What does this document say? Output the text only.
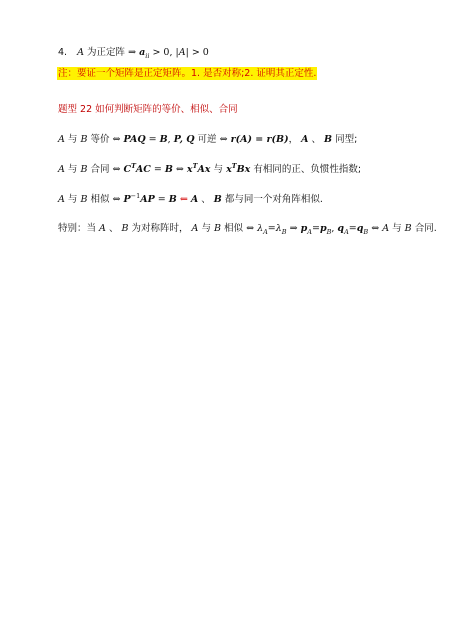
4. A 为正定阵 ⇒ $a_{ii} > 0$, |A| > 0
注：要证一个矩阵是正定矩阵。1. 是否对称;2. 证明其正定性.
题型 22 如何判断矩阵的等价、相似、合同
A 与 B 等价 ⇔ PAQ = B, P, Q 可逆 ⇔ r(A) = r(B)， A 、 B 同型;
A 与 B 合同 ⇔ $C^TAC = B$ ⇔ $x^TAx$ 与 $x^TBx$ 有相同的正、负惯性指数;
A 与 B 相似 ⇔ $P^{-1}AP = B$ ⇐ A 、 B 都与同一个对角阵相似.
特别：当 A 、 B 为对称阵时， A 与 B 相似 ⇔ $\lambda_A=\lambda_B$ ⇒ $p_A=p_B$, $q_A=q_B$ ⇔ A 与 B 合同.
